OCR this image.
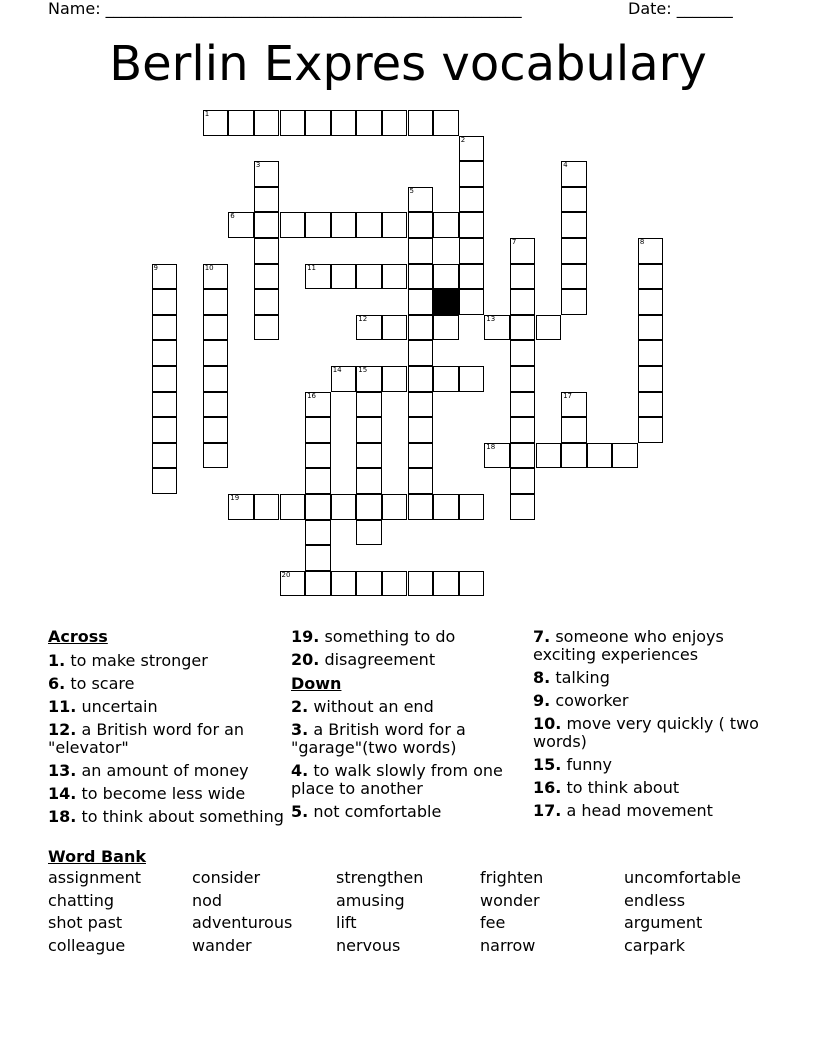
Name: ____________________________________________________	Date: _______
Berlin Expres vocabulary
1
2
3	4
5
6
7	8
9	10	11
12	13
14 15
16	17
18
19
20
Across
1. to make stronger
6. to scare
11. uncertain
12. a British word for an "elevator"
13. an amount of money
14. to become less wide
18. to think about something
19. something to do
20. disagreement
Down
2. without an end
3. a British word for a "garage"(two words)
4. to walk slowly from one place to another
5. not comfortable
7. someone who enjoys exciting experiences
8. talking
9. coworker
10. move very quickly ( two words)
15. funny
16. to think about
17. a head movement
Word Bank
assignment	consider	strengthen	frighten	uncomfortable
chatting	nod	amusing	wonder	endless
shot past	adventurous	lift	fee	argument
colleague	wander	nervous	narrow	carpark
